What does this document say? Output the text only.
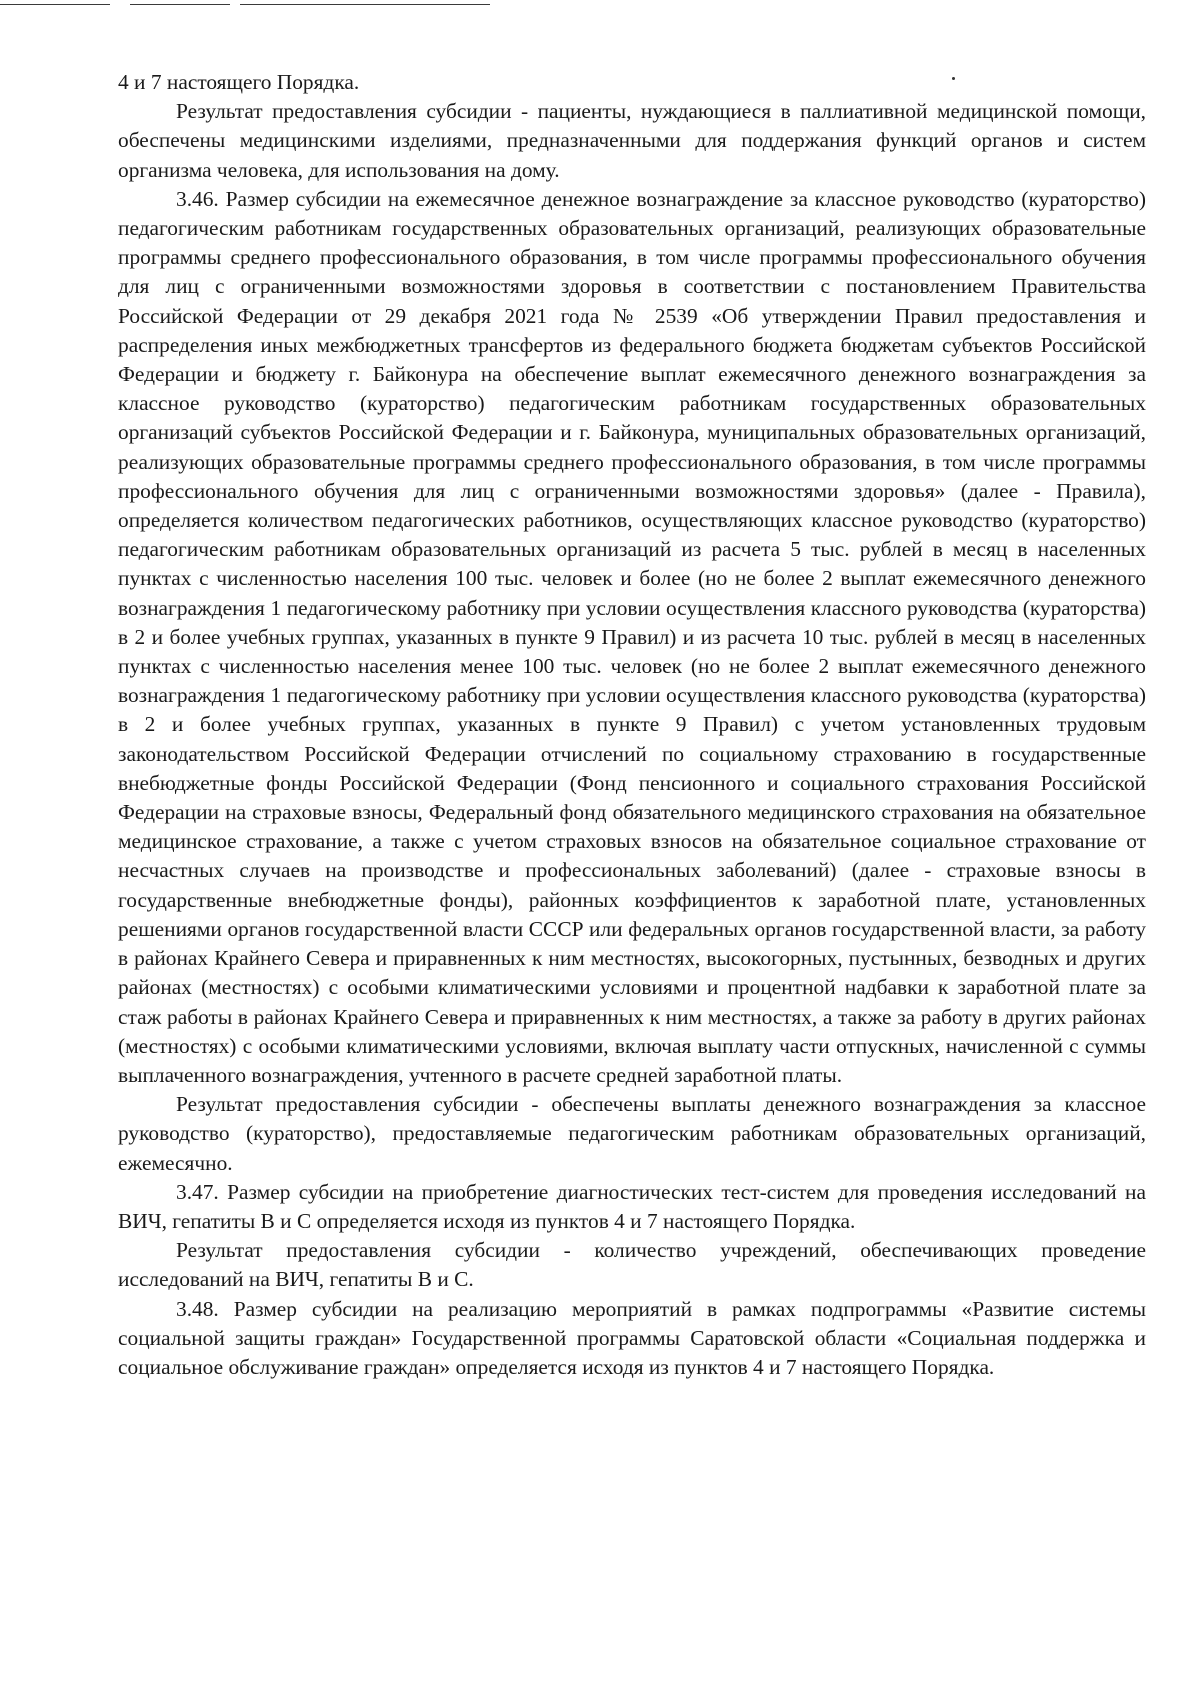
4 и 7 настоящего Порядка.

Результат предоставления субсидии - пациенты, нуждающиеся в паллиативной медицинской помощи, обеспечены медицинскими изделиями, предназначенными для поддержания функций органов и систем организма человека, для использования на дому.

3.46. Размер субсидии на ежемесячное денежное вознаграждение за классное руководство (кураторство) педагогическим работникам государственных образовательных организаций, реализующих образовательные программы среднего профессионального образования, в том числе программы профессионального обучения для лиц с ограниченными возможностями здоровья в соответствии с постановлением Правительства Российской Федерации от 29 декабря 2021 года № 2539 «Об утверждении Правил предоставления и распределения иных межбюджетных трансфертов из федерального бюджета бюджетам субъектов Российской Федерации и бюджету г. Байконура на обеспечение выплат ежемесячного денежного вознаграждения за классное руководство (кураторство) педагогическим работникам государственных образовательных организаций субъектов Российской Федерации и г. Байконура, муниципальных образовательных организаций, реализующих образовательные программы среднего профессионального образования, в том числе программы профессионального обучения для лиц с ограниченными возможностями здоровья» (далее - Правила), определяется количеством педагогических работников, осуществляющих классное руководство (кураторство) педагогическим работникам образовательных организаций из расчета 5 тыс. рублей в месяц в населенных пунктах с численностью населения 100 тыс. человек и более (но не более 2 выплат ежемесячного денежного вознаграждения 1 педагогическому работнику при условии осуществления классного руководства (кураторства) в 2 и более учебных группах, указанных в пункте 9 Правил) и из расчета 10 тыс. рублей в месяц в населенных пунктах с численностью населения менее 100 тыс. человек (но не более 2 выплат ежемесячного денежного вознаграждения 1 педагогическому работнику при условии осуществления классного руководства (кураторства) в 2 и более учебных группах, указанных в пункте 9 Правил) с учетом установленных трудовым законодательством Российской Федерации отчислений по социальному страхованию в государственные внебюджетные фонды Российской Федерации (Фонд пенсионного и социального страхования Российской Федерации на страховые взносы, Федеральный фонд обязательного медицинского страхования на обязательное медицинское страхование, а также с учетом страховых взносов на обязательное социальное страхование от несчастных случаев на производстве и профессиональных заболеваний) (далее - страховые взносы в государственные внебюджетные фонды), районных коэффициентов к заработной плате, установленных решениями органов государственной власти СССР или федеральных органов государственной власти, за работу в районах Крайнего Севера и приравненных к ним местностях, высокогорных, пустынных, безводных и других районах (местностях) с особыми климатическими условиями и процентной надбавки к заработной плате за стаж работы в районах Крайнего Севера и приравненных к ним местностях, а также за работу в других районах (местностях) с особыми климатическими условиями, включая выплату части отпускных, начисленной с суммы выплаченного вознаграждения, учтенного в расчете средней заработной платы.

Результат предоставления субсидии - обеспечены выплаты денежного вознаграждения за классное руководство (кураторство), предоставляемые педагогическим работникам образовательных организаций, ежемесячно.

3.47. Размер субсидии на приобретение диагностических тест-систем для проведения исследований на ВИЧ, гепатиты В и С определяется исходя из пунктов 4 и 7 настоящего Порядка.

Результат предоставления субсидии - количество учреждений, обеспечивающих проведение исследований на ВИЧ, гепатиты В и С.

3.48. Размер субсидии на реализацию мероприятий в рамках подпрограммы «Развитие системы социальной защиты граждан» Государственной программы Саратовской области «Социальная поддержка и социальное обслуживание граждан» определяется исходя из пунктов 4 и 7 настоящего Порядка.
